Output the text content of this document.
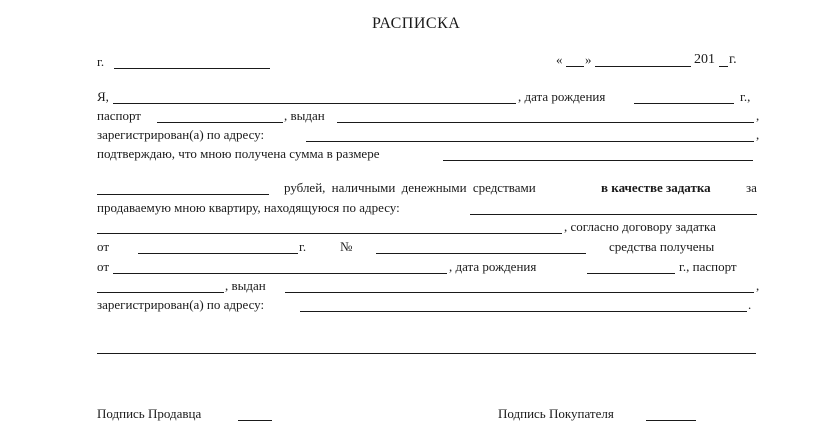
РАСПИСКА
г.	« »	201 г.
Я,	, дата рождения	г.,
паспорт	, выдан	,
зарегистрирован(а) по адресу:	,
подтверждаю, что мною получена сумма в размере
рублей, наличными денежными средствами	в качестве задатка	за
продаваемую мною квартиру, находящуюся по адресу:
, согласно договору задатка
от	г.	№	средства получены
от	, дата рождения	г., паспорт
, выдан	,
зарегистрирован(а) по адресу:	.
Подпись Продавца	Подпись Покупателя
